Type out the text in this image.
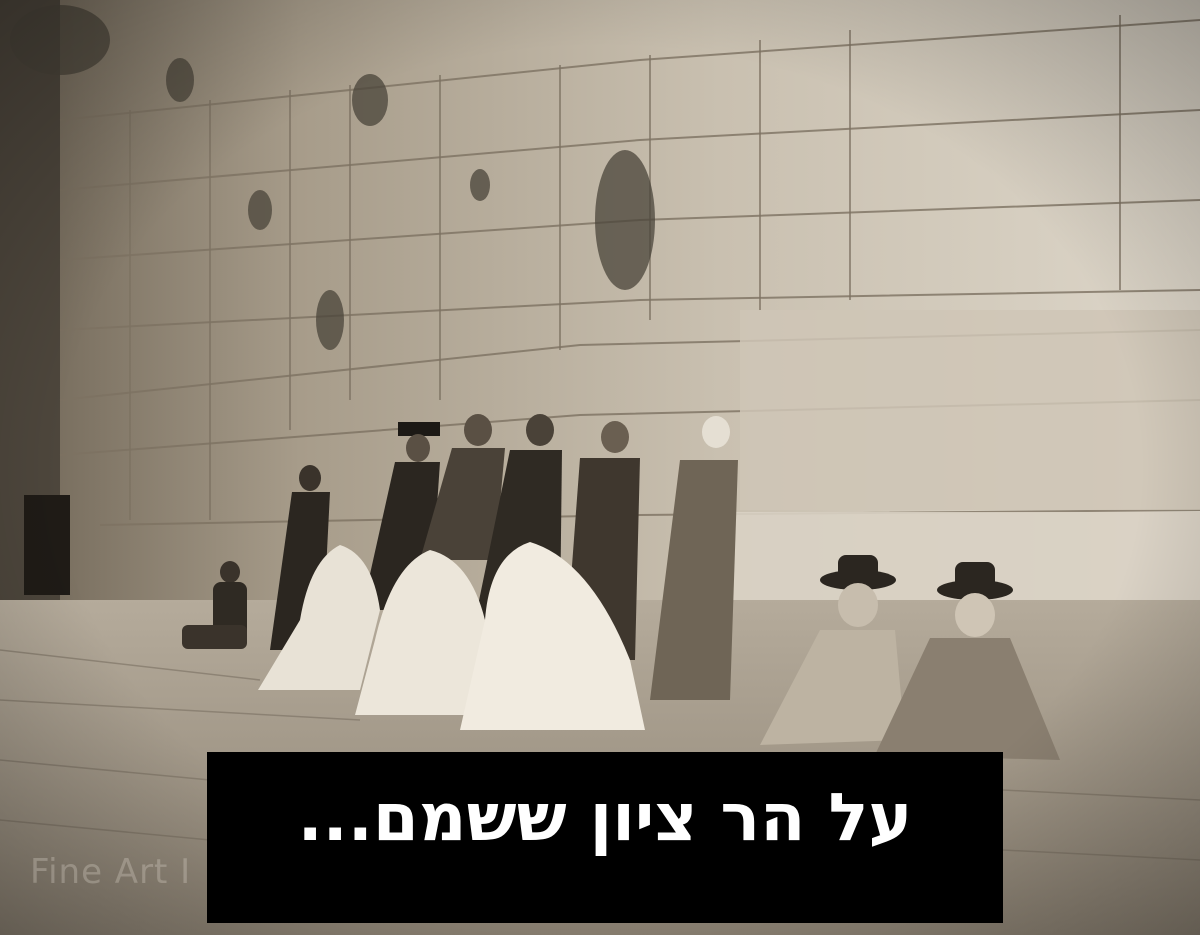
Fine Art I
על הר ציון ששמם...
